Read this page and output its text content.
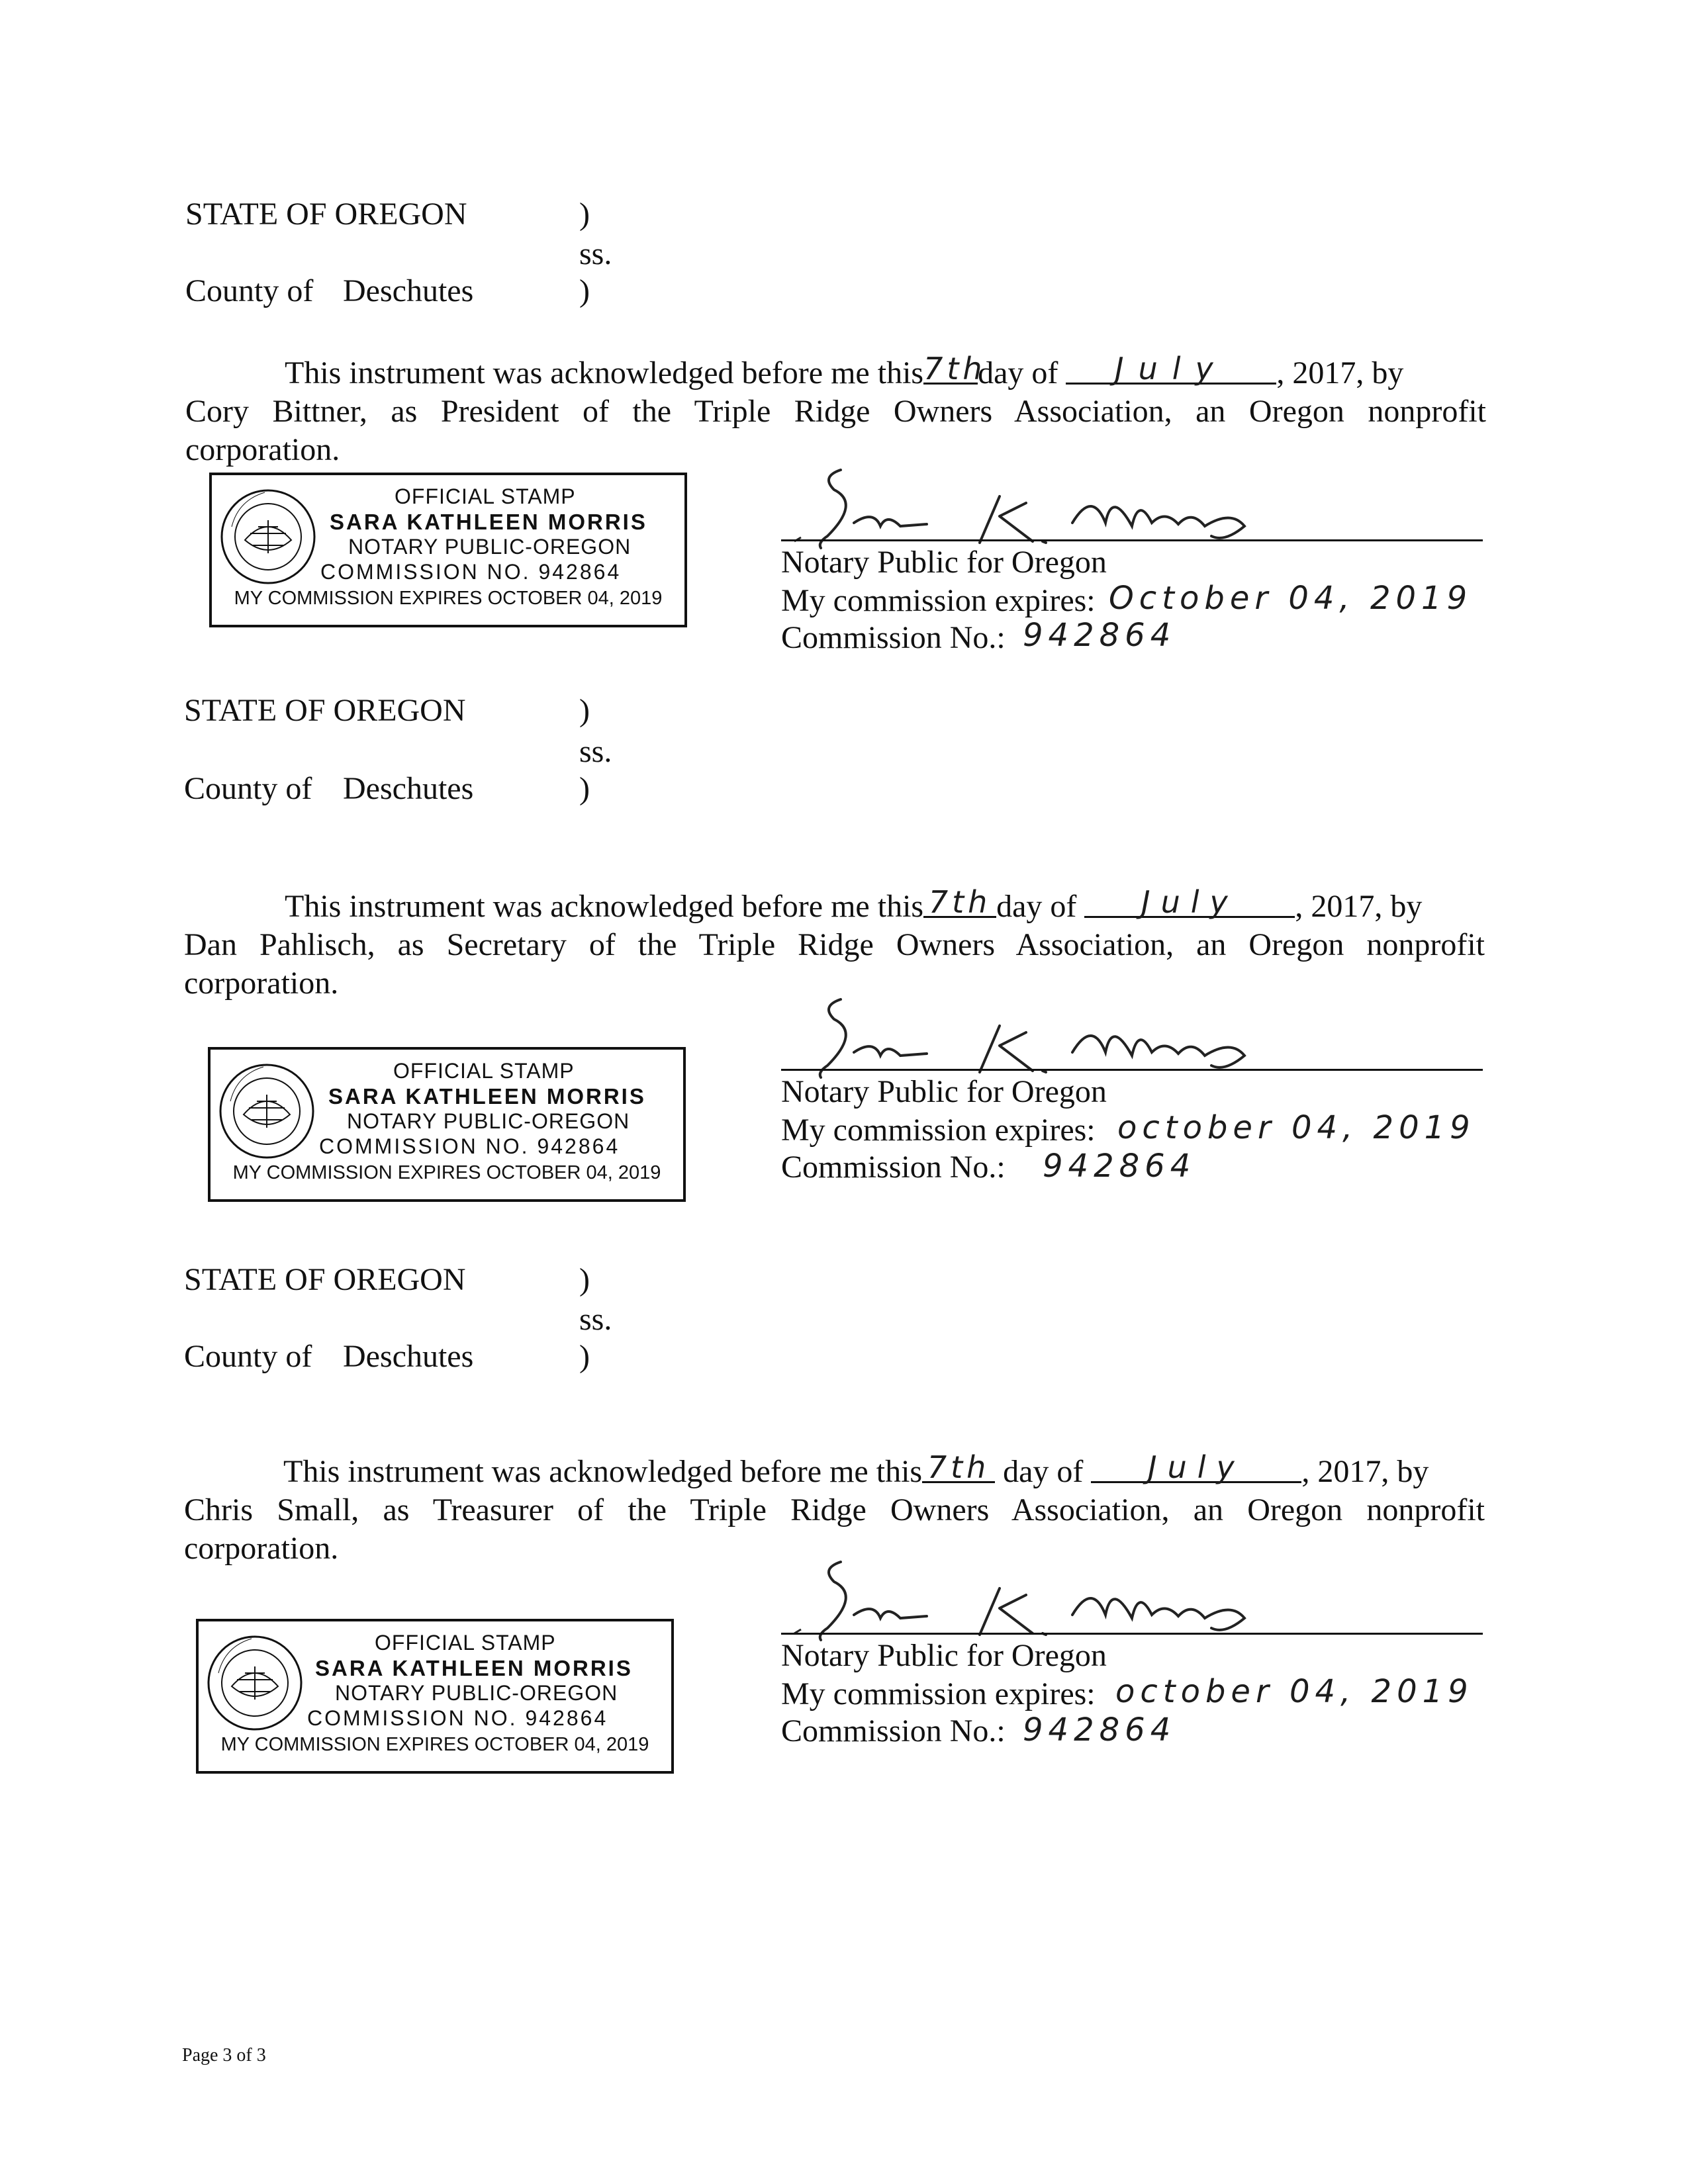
STATE OF OREGON	)
ss.
County of Deschutes	)
This instrument was acknowledged before me this7thday of July , 2017, by
Cory Bittner, as President of the Triple Ridge Owners Association, an Oregon nonprofit
corporation.
OFFICIAL STAMP
SARA KATHLEEN MORRIS
NOTARY PUBLIC-OREGON
COMMISSION NO. 942864
MY COMMISSION EXPIRES OCTOBER 04, 2019
Notary Public for Oregon
My commission expires: October 04, 2019
Commission No.: 942864
STATE OF OREGON	)
ss.
County of Deschutes	)
This instrument was acknowledged before me this 7th day of July , 2017, by
Dan Pahlisch, as Secretary of the Triple Ridge Owners Association, an Oregon nonprofit
corporation.
OFFICIAL STAMP
SARA KATHLEEN MORRIS
NOTARY PUBLIC-OREGON
COMMISSION NO. 942864
MY COMMISSION EXPIRES OCTOBER 04, 2019
Notary Public for Oregon
My commission expires: october 04, 2019
Commission No.: 942864
STATE OF OREGON	)
ss.
County of Deschutes	)
This instrument was acknowledged before me this 7th day of July , 2017, by
Chris Small, as Treasurer of the Triple Ridge Owners Association, an Oregon nonprofit
corporation.
OFFICIAL STAMP
SARA KATHLEEN MORRIS
NOTARY PUBLIC-OREGON
COMMISSION NO. 942864
MY COMMISSION EXPIRES OCTOBER 04, 2019
Notary Public for Oregon
My commission expires: october 04, 2019
Commission No.: 942864
Page 3 of 3
